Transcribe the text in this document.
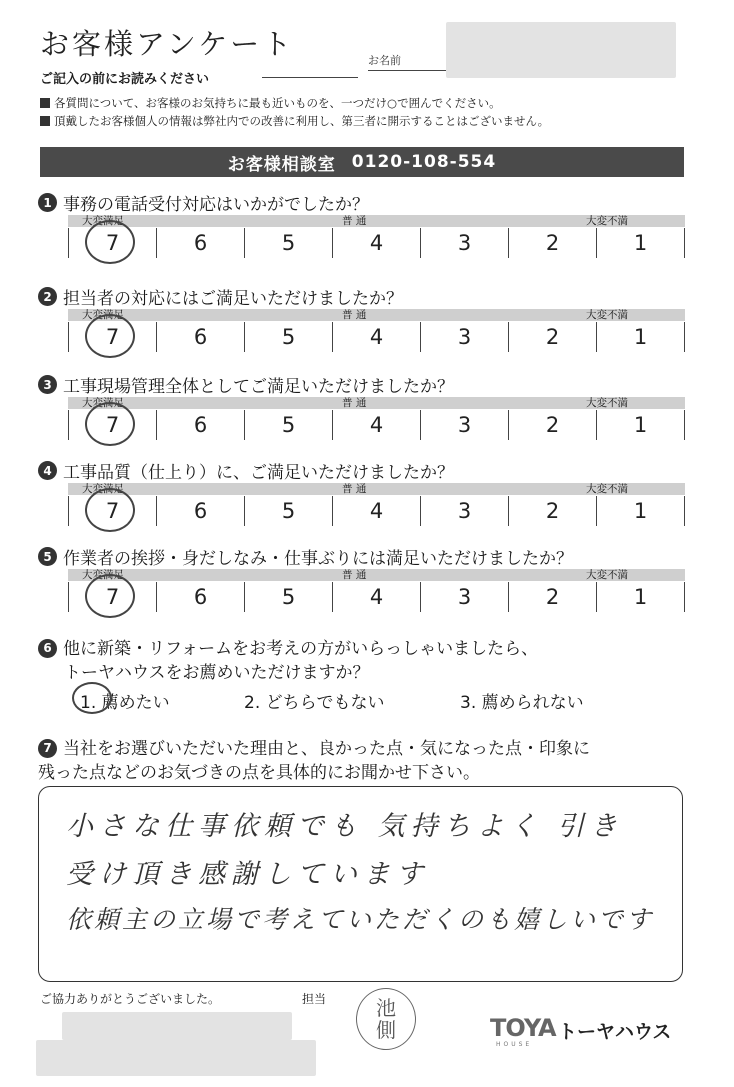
お客様アンケート	お名前
ご記入の前にお読みください
各質問について、お客様のお気持ちに最も近いものを、一つだけ○で囲んでください。
頂戴したお客様個人の情報は弊社内での改善に利用し、第三者に開示することはございません。
お客様相談室 0120-108-554
1 事務の電話受付対応はいかがでしたか？
大変満足	普 通	大変不満
7	6	5	4	3	2	1
2 担当者の対応にはご満足いただけましたか？
大変満足	普 通	大変不満
7	6	5	4	3	2	1
3 工事現場管理全体としてご満足いただけましたか？
大変満足	普 通	大変不満
7	6	5	4	3	2	1
4 工事品質（仕上り）に、ご満足いただけましたか？
大変満足	普 通	大変不満
7	6	5	4	3	2	1
5 作業者の挨拶・身だしなみ・仕事ぶりには満足いただけましたか？
大変満足	普 通	大変不満
7	6	5	4	3	2	1
6 他に新築・リフォームをお考えの方がいらっしゃいましたら、
トーヤハウスをお薦めいただけますか？
1. 薦めたい	2. どちらでもない	3. 薦められない
7 当社をお選びいただいた理由と、良かった点・気になった点・印象に
残った点などのお気づきの点を具体的にお聞かせ下さい。
小さな仕事依頼でも 気持ちよく 引き
受け頂き感謝しています
依頼主の立場で考えていただくのも嬉しいです
ご協力ありがとうございました。	担当 池
側	TOYA
HOUSE
トーヤハウス
